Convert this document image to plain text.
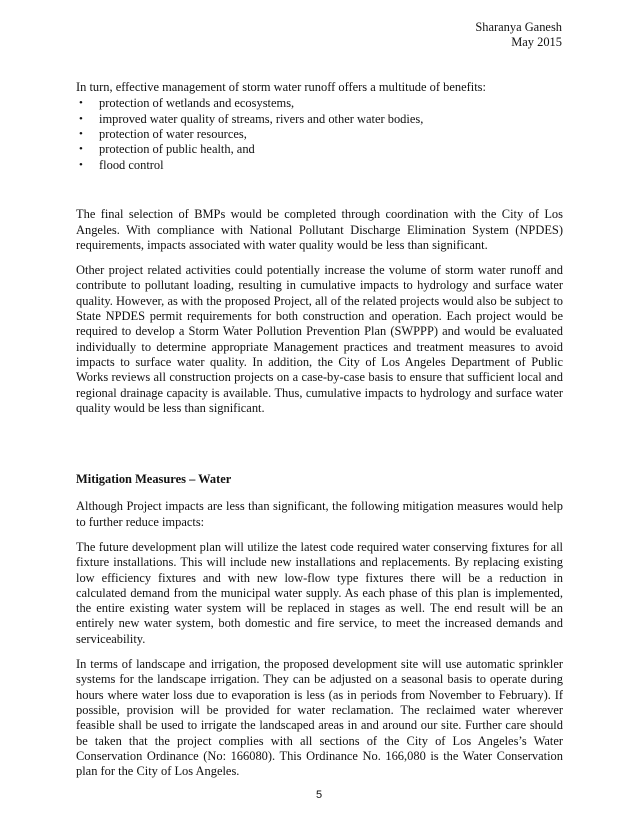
Sharanya Ganesh
May 2015

In turn, effective management of storm water runoff offers a multitude of benefits:

• protection of wetlands and ecosystems,
• improved water quality of streams, rivers and other water bodies,
• protection of water resources,
• protection of public health, and
• flood control

The final selection of BMPs would be completed through coordination with the City of Los Angeles. With compliance with National Pollutant Discharge Elimination System (NPDES) requirements, impacts associated with water quality would be less than significant.

Other project related activities could potentially increase the volume of storm water runoff and contribute to pollutant loading, resulting in cumulative impacts to hydrology and surface water quality. However, as with the proposed Project, all of the related projects would also be subject to State NPDES permit requirements for both construction and operation. Each project would be required to develop a Storm Water Pollution Prevention Plan (SWPPP) and would be evaluated individually to determine appropriate Management practices and treatment measures to avoid impacts to surface water quality. In addition, the City of Los Angeles Department of Public Works reviews all construction projects on a case-by-case basis to ensure that sufficient local and regional drainage capacity is available. Thus, cumulative impacts to hydrology and surface water quality would be less than significant.

Mitigation Measures – Water

Although Project impacts are less than significant, the following mitigation measures would help to further reduce impacts:

The future development plan will utilize the latest code required water conserving fixtures for all fixture installations. This will include new installations and replacements. By replacing existing low efficiency fixtures and with new low-flow type fixtures there will be a reduction in calculated demand from the municipal water supply. As each phase of this plan is implemented, the entire existing water system will be replaced in stages as well. The end result will be an entirely new water system, both domestic and fire service, to meet the increased demands and serviceability.

In terms of landscape and irrigation, the proposed development site will use automatic sprinkler systems for the landscape irrigation. They can be adjusted on a seasonal basis to operate during hours where water loss due to evaporation is less (as in periods from November to February). If possible, provision will be provided for water reclamation. The reclaimed water wherever feasible shall be used to irrigate the landscaped areas in and around our site. Further care should be taken that the project complies with all sections of the City of Los Angeles’s Water Conservation Ordinance (No: 166080). This Ordinance No. 166,080 is the Water Conservation plan for the City of Los Angeles.

5
